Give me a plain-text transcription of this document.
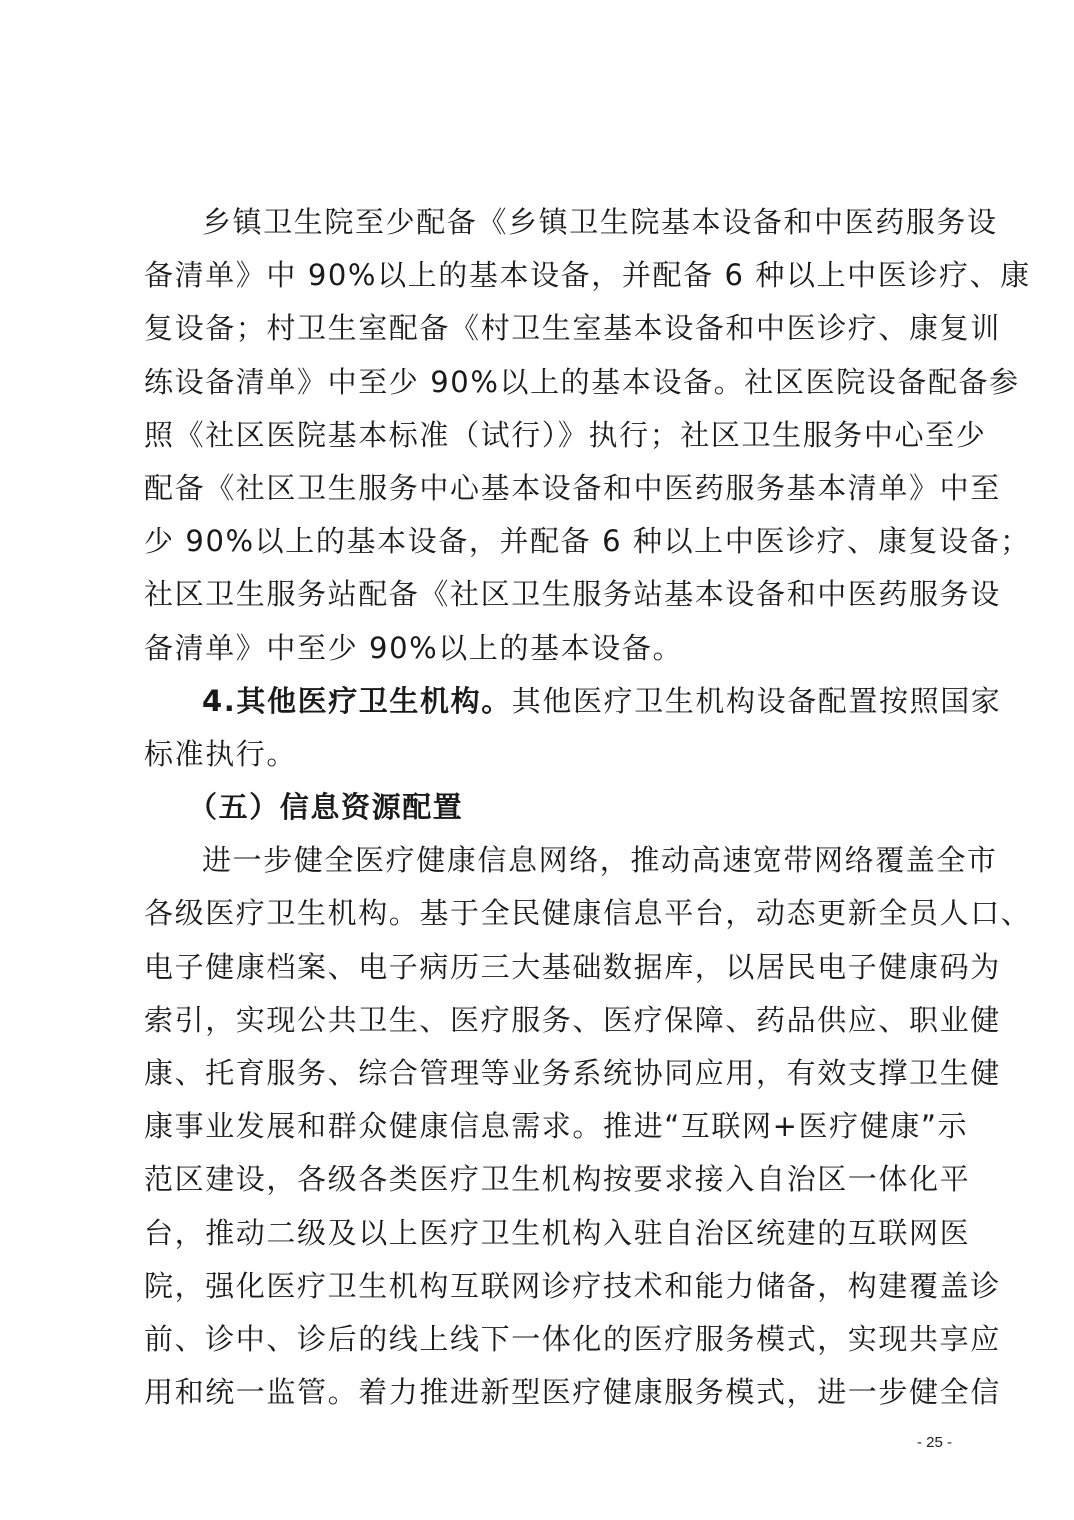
乡镇卫生院至少配备《乡镇卫生院基本设备和中医药服务设
备清单》中 90%以上的基本设备，并配备 6 种以上中医诊疗、康
复设备；村卫生室配备《村卫生室基本设备和中医诊疗、康复训
练设备清单》中至少 90%以上的基本设备。社区医院设备配备参
照《社区医院基本标准（试行）》执行；社区卫生服务中心至少
配备《社区卫生服务中心基本设备和中医药服务基本清单》中至
少 90%以上的基本设备，并配备 6 种以上中医诊疗、康复设备；
社区卫生服务站配备《社区卫生服务站基本设备和中医药服务设
备清单》中至少 90%以上的基本设备。
4.其他医疗卫生机构。其他医疗卫生机构设备配置按照国家
标准执行。
（五）信息资源配置
进一步健全医疗健康信息网络，推动高速宽带网络覆盖全市
各级医疗卫生机构。基于全民健康信息平台，动态更新全员人口、
电子健康档案、电子病历三大基础数据库，以居民电子健康码为
索引，实现公共卫生、医疗服务、医疗保障、药品供应、职业健
康、托育服务、综合管理等业务系统协同应用，有效支撑卫生健
康事业发展和群众健康信息需求。推进“互联网+医疗健康”示
范区建设，各级各类医疗卫生机构按要求接入自治区一体化平
台，推动二级及以上医疗卫生机构入驻自治区统建的互联网医
院，强化医疗卫生机构互联网诊疗技术和能力储备，构建覆盖诊
前、诊中、诊后的线上线下一体化的医疗服务模式，实现共享应
用和统一监管。着力推进新型医疗健康服务模式，进一步健全信
- 25 -
